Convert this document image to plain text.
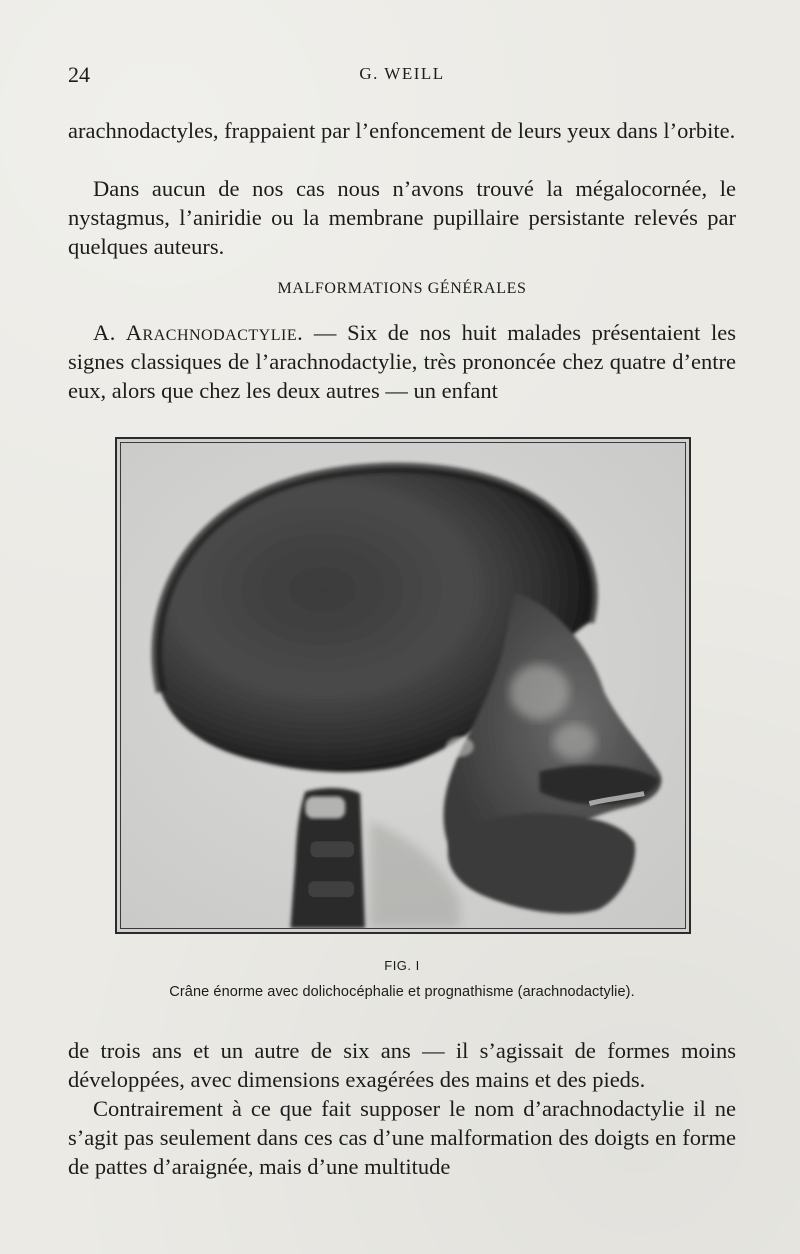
24	G. WEILL

arachnodactyles, frappaient par l’enfoncement de leurs yeux dans l’orbite.

Dans aucun de nos cas nous n’avons trouvé la mégalocornée, le nystagmus, l’aniridie ou la membrane pupillaire persistante relevés par quelques auteurs.

MALFORMATIONS GÉNÉRALES

A. Arachnodactylie. — Six de nos huit malades présentaient les signes classiques de l’arachnodactylie, très prononcée chez quatre d’entre eux, alors que chez les deux autres — un enfant

FIG. I
Crâne énorme avec dolichocéphalie et prognathisme (arachnodactylie).

de trois ans et un autre de six ans — il s’agissait de formes moins développées, avec dimensions exagérées des mains et des pieds.

Contrairement à ce que fait supposer le nom d’arachnodactylie il ne s’agit pas seulement dans ces cas d’une malformation des doigts en forme de pattes d’araignée, mais d’une multitude
